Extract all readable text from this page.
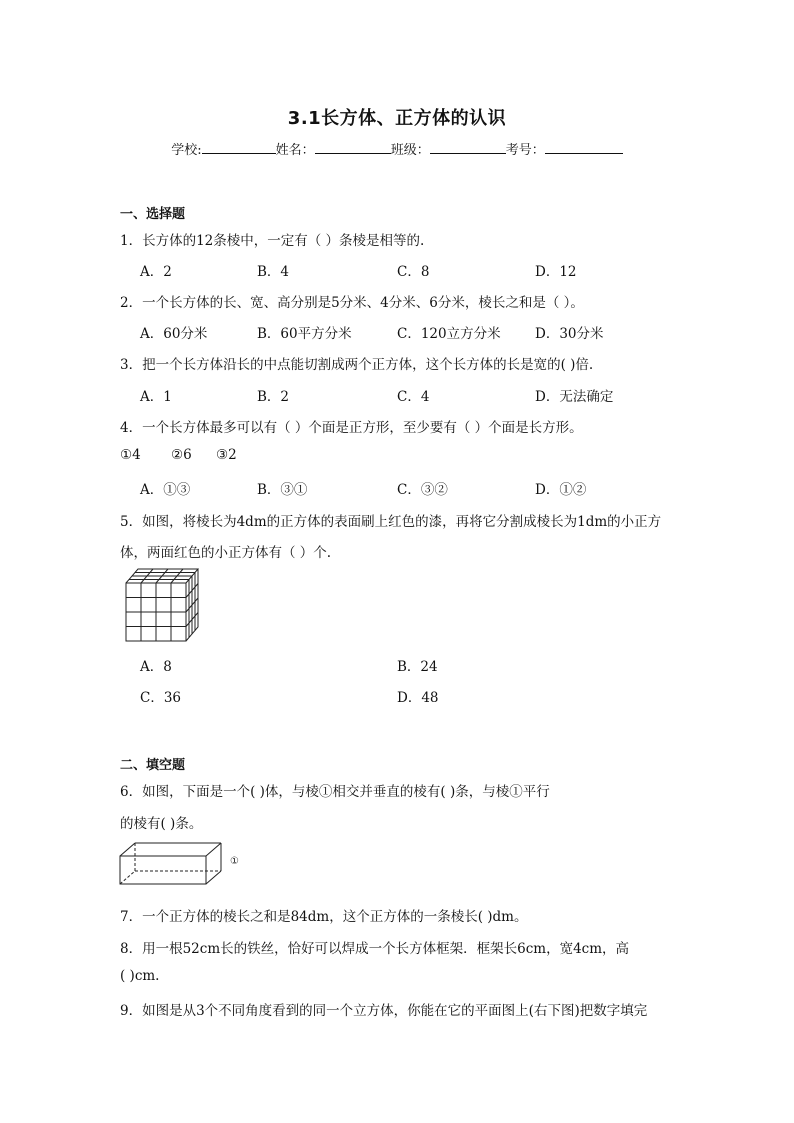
3.1长方体、正方体的认识
学校:	姓名：	班级：	考号：
一、选择题
1．长方体的12条棱中，一定有（ ）条棱是相等的.
A．2	B．4	C．8	D．12
2．一个长方体的长、宽、高分别是5分米、4分米、6分米，棱长之和是（ ）。
A．60分米	B．60平方分米	C．120立方分米	D．30分米
3．把一个长方体沿长的中点能切割成两个正方体，这个长方体的长是宽的( )倍.
A．1	B．2	C．4	D．无法确定
4．一个长方体最多可以有（ ）个面是正方形，至少要有（ ）个面是长方形。
①4 ②6 ③2
A．①③	B．③①	C．③②	D．①②
5．如图，将棱长为4dm的正方体的表面刷上红色的漆，再将它分割成棱长为1dm的小正方
体，两面红色的小正方体有（ ）个.
A．8	B．24
C．36	D．48
二、填空题
6．如图，下面是一个( )体，与棱①相交并垂直的棱有( )条，与棱①平行
的棱有( )条。
①
7．一个正方体的棱长之和是84dm，这个正方体的一条棱长( )dm。
8．用一根52cm长的铁丝，恰好可以焊成一个长方体框架．框架长6cm，宽4cm，高
( )cm.
9．如图是从3个不同角度看到的同一个立方体，你能在它的平面图上(右下图)把数字填完
